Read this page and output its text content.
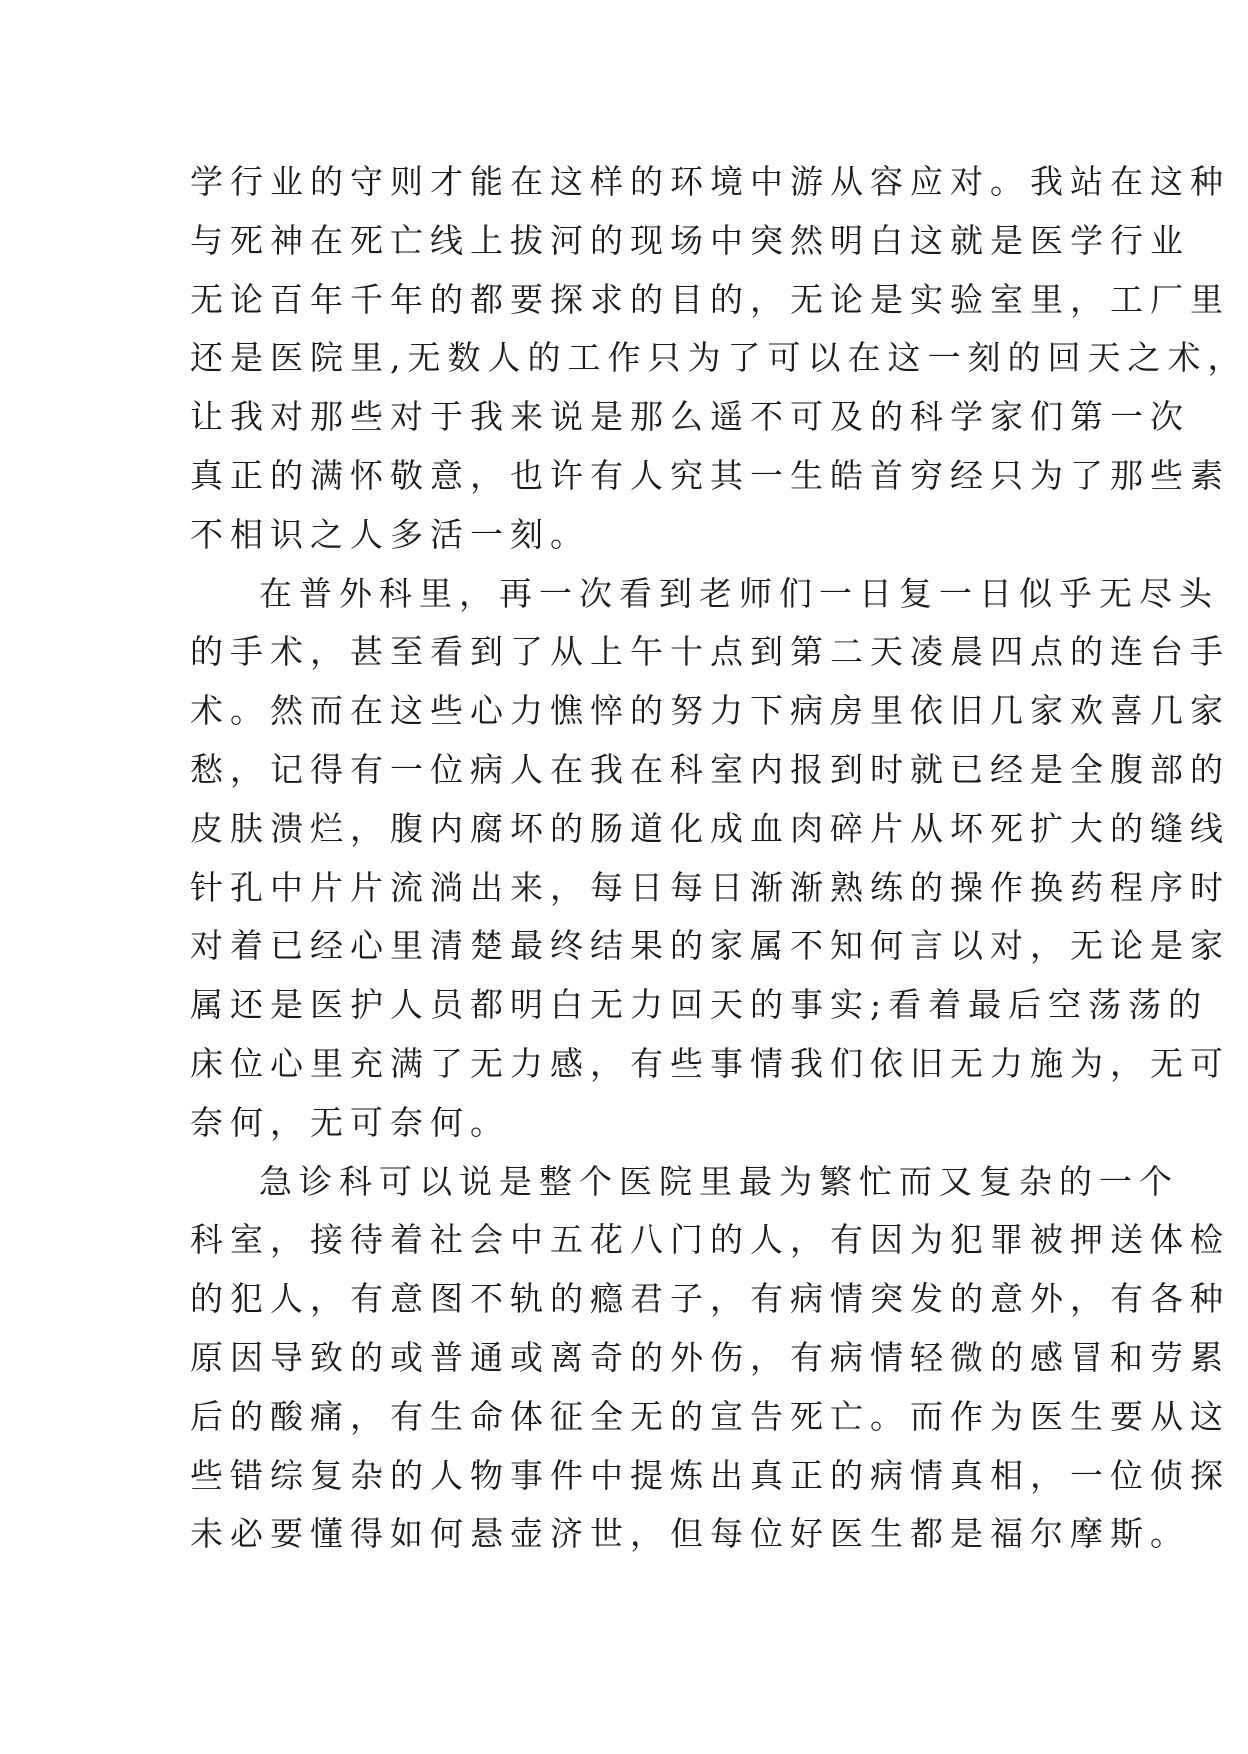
学行业的守则才能在这样的环境中游从容应对。我站在这种
与死神在死亡线上拔河的现场中突然明白这就是医学行业
无论百年千年的都要探求的目的，无论是实验室里，工厂里
还是医院里,无数人的工作只为了可以在这一刻的回天之术，
让我对那些对于我来说是那么遥不可及的科学家们第一次
真正的满怀敬意，也许有人究其一生皓首穷经只为了那些素
不相识之人多活一刻。
在普外科里，再一次看到老师们一日复一日似乎无尽头
的手术，甚至看到了从上午十点到第二天凌晨四点的连台手
术。然而在这些心力憔悴的努力下病房里依旧几家欢喜几家
愁，记得有一位病人在我在科室内报到时就已经是全腹部的
皮肤溃烂，腹内腐坏的肠道化成血肉碎片从坏死扩大的缝线
针孔中片片流淌出来，每日每日渐渐熟练的操作换药程序时
对着已经心里清楚最终结果的家属不知何言以对，无论是家
属还是医护人员都明白无力回天的事实;看着最后空荡荡的
床位心里充满了无力感，有些事情我们依旧无力施为，无可
奈何，无可奈何。
急诊科可以说是整个医院里最为繁忙而又复杂的一个
科室，接待着社会中五花八门的人，有因为犯罪被押送体检
的犯人，有意图不轨的瘾君子，有病情突发的意外，有各种
原因导致的或普通或离奇的外伤，有病情轻微的感冒和劳累
后的酸痛，有生命体征全无的宣告死亡。而作为医生要从这
些错综复杂的人物事件中提炼出真正的病情真相，一位侦探
未必要懂得如何悬壶济世，但每位好医生都是福尔摩斯。
